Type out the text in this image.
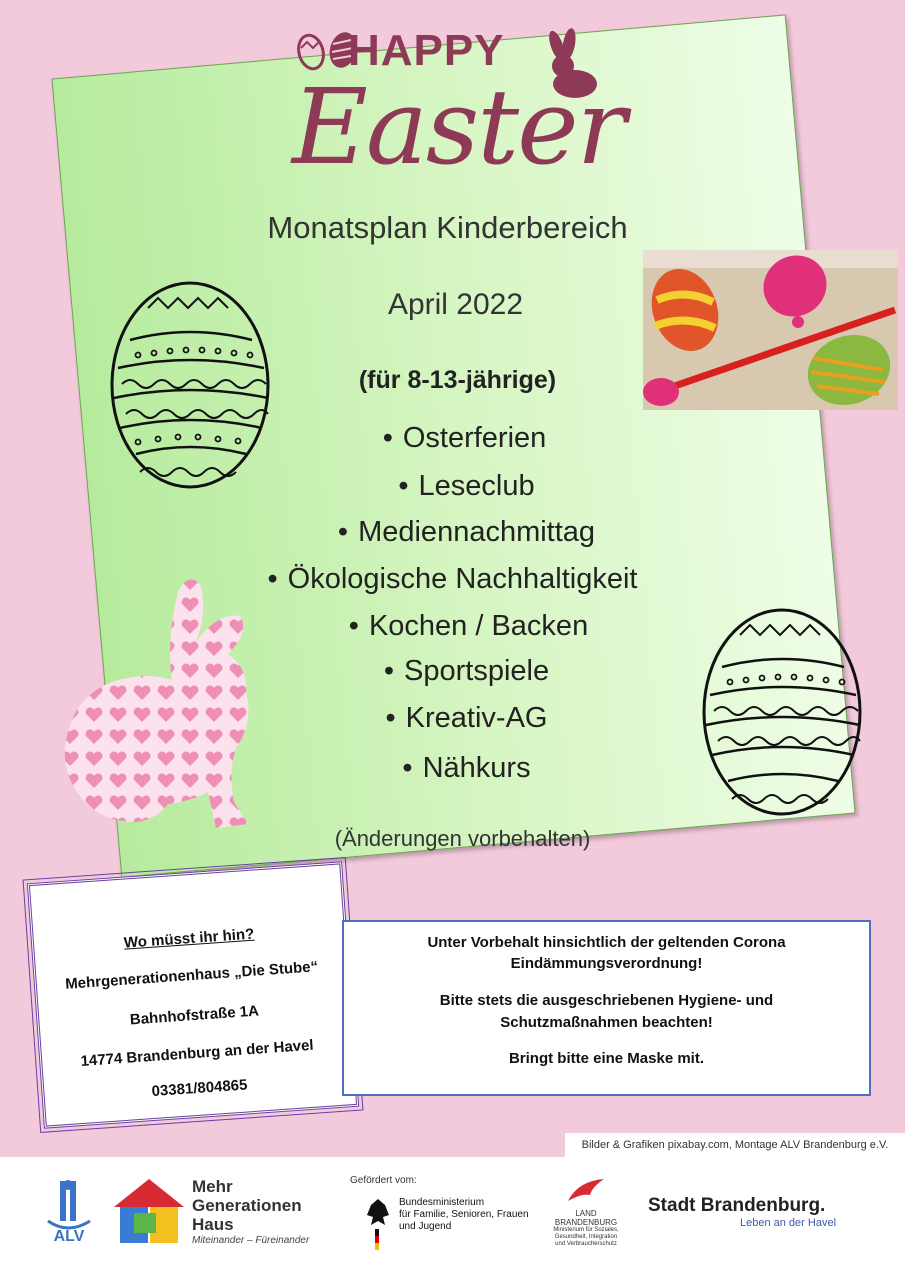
HAPPY
Easter
Monatsplan Kinderbereich
April 2022
(für 8-13-jährige)
• Osterferien
• Leseclub
• Mediennachmittag
• Ökologische Nachhaltigkeit
• Kochen / Backen
• Sportspiele
• Kreativ-AG
• Nähkurs
(Änderungen vorbehalten)
Wo müsst ihr hin?
Mehrgenerationenhaus „Die Stube“
Bahnhofstraße 1A
14774 Brandenburg an der Havel
03381/804865
Unter Vorbehalt hinsichtlich der geltenden Corona
Eindämmungsverordnung!
Bitte stets die ausgeschriebenen Hygiene- und
Schutzmaßnahmen beachten!
Bringt bitte eine Maske mit.
Bilder & Grafiken pixabay.com, Montage ALV Brandenburg e.V.
ALV
Mehr
Generationen
Haus
Miteinander – Füreinander
Gefördert vom:
Bundesministerium
für Familie, Senioren, Frauen
und Jugend
LAND
BRANDENBURG
Ministerium für Soziales,
Gesundheit, Integration
und Verbraucherschutz
Stadt Brandenburg.
Leben an der Havel
